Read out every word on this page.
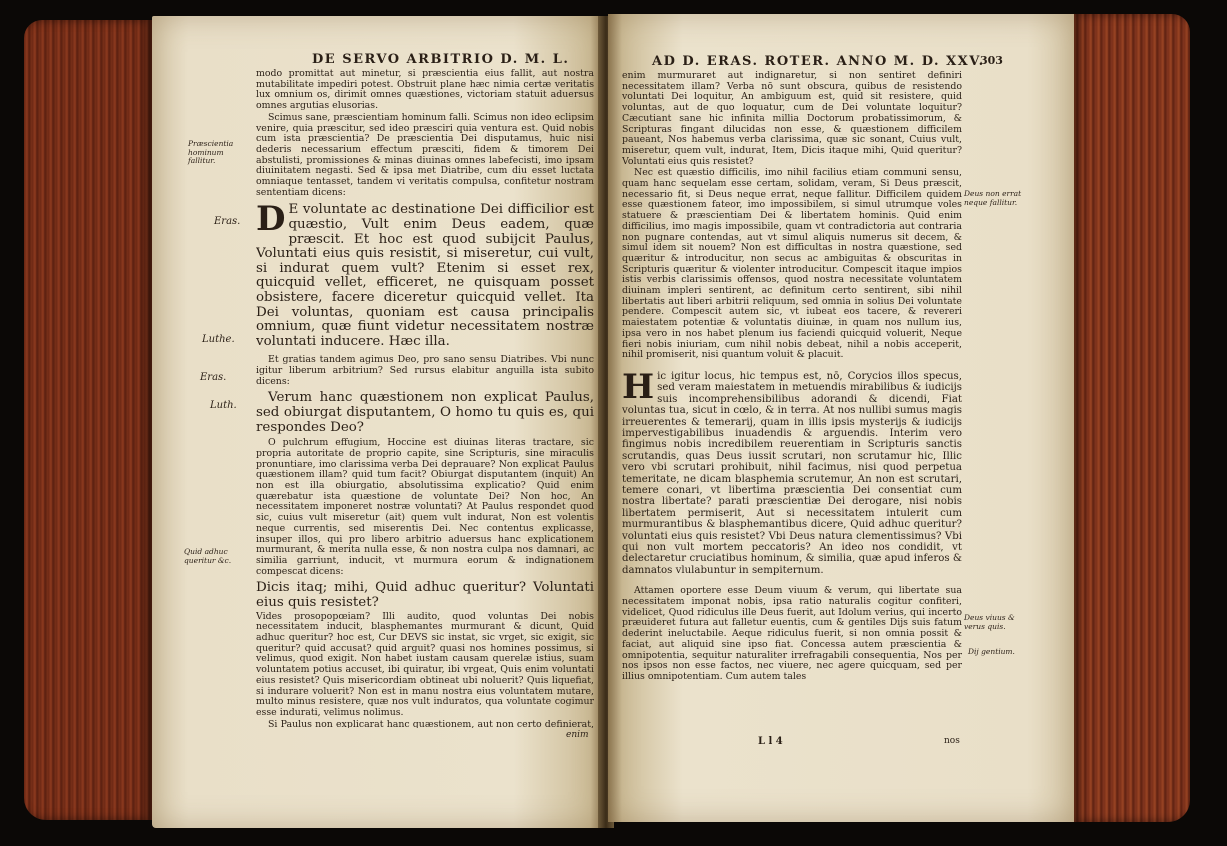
DE SERVO ARBITRIO D. M. L.
Eras.
Luthe.
Eras.
Luth.
Præscientia hominum fallitur.
Quid adhuc queritur &c.

modo promittat aut minetur, si præscientia eius fallit, aut nostra mutabilitate impediri potest. Obstruit plane hæc nimia certæ veritatis lux omnium os, dirimit omnes quæstiones, victoriam statuit aduersus omnes argutias elusorias.

Scimus sane, præscientiam hominum falli. Scimus non ideo eclipsim venire, quia præscitur, sed ideo præsciri quia ventura est. Quid nobis cum ista præscientia? De præscientia Dei disputamus, huic nisi dederis necessarium effectum præsciti, fidem & timorem Dei abstulisti, promissiones & minas diuinas omnes labefecisti, imo ipsam diuinitatem negasti. Sed & ipsa met Diatribe, cum diu esset luctata omniaque tentasset, tandem vi veritatis compulsa, confitetur nostram sententiam dicens:

D E voluntate ac destinatione Dei difficilior est quæstio, Vult enim Deus eadem, quæ præscit. Et hoc est quod subijcit Paulus, Voluntati eius quis resistit, si miseretur, cui vult, si indurat quem vult? Etenim si esset rex, quicquid vellet, efficeret, ne quisquam posset obsistere, facere diceretur quicquid vellet. Ita Dei voluntas, quoniam est causa principalis omnium, quæ fiunt videtur necessitatem nostræ voluntati inducere. Hæc illa.

Et gratias tandem agimus Deo, pro sano sensu Diatribes. Vbi nunc igitur liberum arbitrium? Sed rursus elabitur anguilla ista subito dicens:

Verum hanc quæstionem non explicat Paulus, sed obiurgat disputantem, O homo tu quis es, qui respondes Deo?

O pulchrum effugium, Hoccine est diuinas literas tractare, sic propria autoritate de proprio capite, sine Scripturis, sine miraculis pronuntiare, imo clarissima verba Dei deprauare? Non explicat Paulus quæstionem illam? quid tum facit? Obiurgat disputantem (inquit) An non est illa obiurgatio, absolutissima explicatio? Quid enim quærebatur ista quæstione de voluntate Dei? Non hoc, An necessitatem imponeret nostræ voluntati? At Paulus respondet quod sic, cuius vult miseretur (ait) quem vult indurat, Non est volentis neque currentis, sed miserentis Dei. Nec contentus explicasse, insuper illos, qui pro libero arbitrio aduersus hanc explicationem murmurant, & merita nulla esse, & non nostra culpa nos damnari, ac similia garriunt, inducit, vt murmura eorum & indignationem compescat dicens:

Dicis itaq; mihi, Quid adhuc queritur? Voluntati eius quis resistet?

Vides prosopopœiam? Illi audito, quod voluntas Dei nobis necessitatem inducit, blasphemantes murmurant & dicunt, Quid adhuc queritur? hoc est, Cur DEVS sic instat, sic vrget, sic exigit, sic queritur? quid accusat? quid arguit? quasi nos homines possimus, si velimus, quod exigit. Non habet iustam causam querelæ istius, suam voluntatem potius accuset, ibi quiratur, ibi vrgeat, Quis enim voluntati eius resistet? Quis misericordiam obtineat ubi noluerit? Quis liquefiat, si indurare voluerit? Non est in manu nostra eius voluntatem mutare, multo minus resistere, quæ nos vult induratos, qua voluntate cogimur esse indurati, velimus nolimus.

Si Paulus non explicarat hanc quæstionem, aut non certo definierat,

enim
AD D. ERAS. ROTER. ANNO M. D. XXV.
303
Deus non errat neque fallitur.
Deus viuus & verus quis.
Dij gentium.

enim murmuraret aut indignaretur, si non sentiret definiri necessitatem illam? Verba nō sunt obscura, quibus de resistendo voluntati Dei loquitur, An ambiguum est, quid sit resistere, quid voluntas, aut de quo loquatur, cum de Dei voluntate loquitur? Cæcutiant sane hic infinita millia Doctorum probatissimorum, & Scripturas fingant dilucidas non esse, & quæstionem difficilem paueant, Nos habemus verba clarissima, quæ sic sonant, Cuius vult, miseretur, quem vult, indurat, Item, Dicis itaque mihi, Quid queritur? Voluntati eius quis resistet?

Nec est quæstio difficilis, imo nihil facilius etiam communi sensu, quam hanc sequelam esse certam, solidam, veram, Si Deus præscit, necessario fit, si Deus neque errat, neque fallitur. Difficilem quidem esse quæstionem fateor, imo impossibilem, si simul utrumque voles statuere & præscientiam Dei & libertatem hominis. Quid enim difficilius, imo magis impossibile, quam vt contradictoria aut contraria non pugnare contendas, aut vt simul aliquis numerus sit decem, & simul idem sit nouem? Non est difficultas in nostra quæstione, sed quæritur & introducitur, non secus ac ambiguitas & obscuritas in Scripturis quæritur & violenter introducitur. Compescit itaque impios istis verbis clarissimis offensos, quod nostra necessitate voluntatem diuinam impleri sentirent, ac definitum certo sentirent, sibi nihil libertatis aut liberi arbitrii reliquum, sed omnia in solius Dei voluntate pendere. Compescit autem sic, vt iubeat eos tacere, & revereri maiestatem potentiæ & voluntatis diuinæ, in quam nos nullum ius, ipsa vero in nos habet plenum ius faciendi quicquid voluerit, Neque fieri nobis iniuriam, cum nihil nobis debeat, nihil a nobis acceperit, nihil promiserit, nisi quantum voluit & placuit.

Hic igitur locus, hic tempus est, nō, Corycios illos specus, sed veram maiestatem in metuendis mirabilibus & iudicijs suis incomprehensibilibus adorandi & dicendi, Fiat voluntas tua, sicut in cœlo, & in terra. At nos nullibi sumus magis irreuerentes & temerarij, quam in illis ipsis mysterijs & iudicijs impervestigabilibus inuadendis & arguendis. Interim vero fingimus nobis incredibilem reuerentiam in Scripturis sanctis scrutandis, quas Deus iussit scrutari, non scrutamur hic, Illic vero vbi scrutari prohibuit, nihil facimus, nisi quod perpetua temeritate, ne dicam blasphemia scrutemur, An non est scrutari, temere conari, vt libertima præscientia Dei consentiat cum nostra libertate? parati præscientiæ Dei derogare, nisi nobis libertatem permiserit, Aut si necessitatem intulerit cum murmurantibus & blasphemantibus dicere, Quid adhuc queritur? voluntati eius quis resistet? Vbi Deus natura clementissimus? Vbi qui non vult mortem peccatoris? An ideo nos condidit, vt delectaretur cruciatibus hominum, & similia, quæ apud inferos & damnatos vlulabuntur in sempiternum.

Attamen oportere esse Deum viuum & verum, qui libertate sua necessitatem imponat nobis, ipsa ratio naturalis cogitur confiteri, videlicet, Quod ridiculus ille Deus fuerit, aut Idolum verius, qui incerto præuideret futura aut falletur euentis, cum & gentiles Dijs suis fatum dederint ineluctabile. Aeque ridiculus fuerit, si non omnia possit & faciat, aut aliquid sine ipso fiat. Concessa autem præscientia & omnipotentia, sequitur naturaliter irrefragabili consequentia, Nos per nos ipsos non esse factos, nec viuere, nec agere quicquam, sed per illius omnipotentiam. Cum autem tales

L l 4	nos
